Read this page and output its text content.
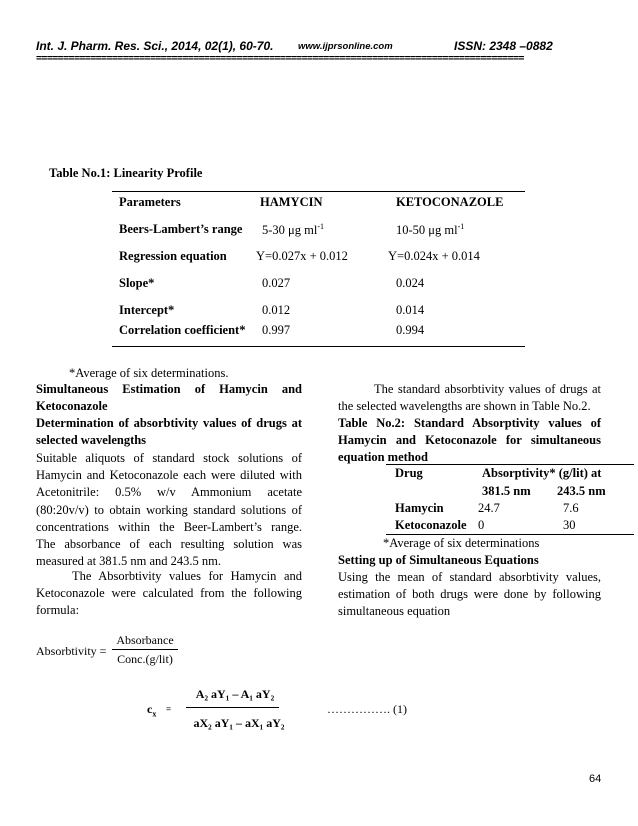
Int. J. Pharm. Res. Sci., 2014, 02(1), 60-70.	www.ijprsonline.com	ISSN: 2348 –0882
==========================================================================================
Table No.1: Linearity Profile
Parameters	HAMYCIN	KETOCONAZOLE
Beers-Lambert’s range 5-30 μg $ml^{-1}$	10-50 μg $ml^{-1}$
Regression equation Y=0.027x + 0.012	Y=0.024x + 0.014
Slope*	0.027	0.024
Intercept*	0.012	0.014
Correlation coefficient* 0.997	0.994
*Average of six determinations.
Simultaneous Estimation of Hamycin and
Ketoconazole
Determination of absorbtivity values of drugs at
selected wavelengths
Suitable aliquots of standard stock solutions of
Hamycin and Ketoconazole each were diluted with
Acetonitrile: 0.5% w/v Ammonium acetate
(80:20v/v) to obtain working standard solutions of
concentrations within the Beer-Lambert’s range.
The absorbance of each resulting solution was
measured at 381.5 nm and 243.5 nm.
The Absorbtivity values for Hamycin and
Ketoconazole were calculated from the following
formula:
Absorbtivity =
Absorbance
Conc.(g/lit)
The standard absorbtivity values of drugs at
the selected wavelengths are shown in Table No.2.
Table No.2: Standard Absorptivity values of
Hamycin and Ketoconazole for simultaneous
equation method
Drug	Absorptivity* (g/lit) at
381.5 nm 243.5 nm
Hamycin	24.7	7.6
Ketoconazole 0	30
*Average of six determinations
Setting up of Simultaneous Equations
Using the mean of standard absorbtivity values,
estimation of both drugs were done by following
simultaneous equation
$c_x$ =
A₂ aY₁ – A₁ aY₂
aX₂ aY₁ – aX₁ aY₂
……………. (1)
64
